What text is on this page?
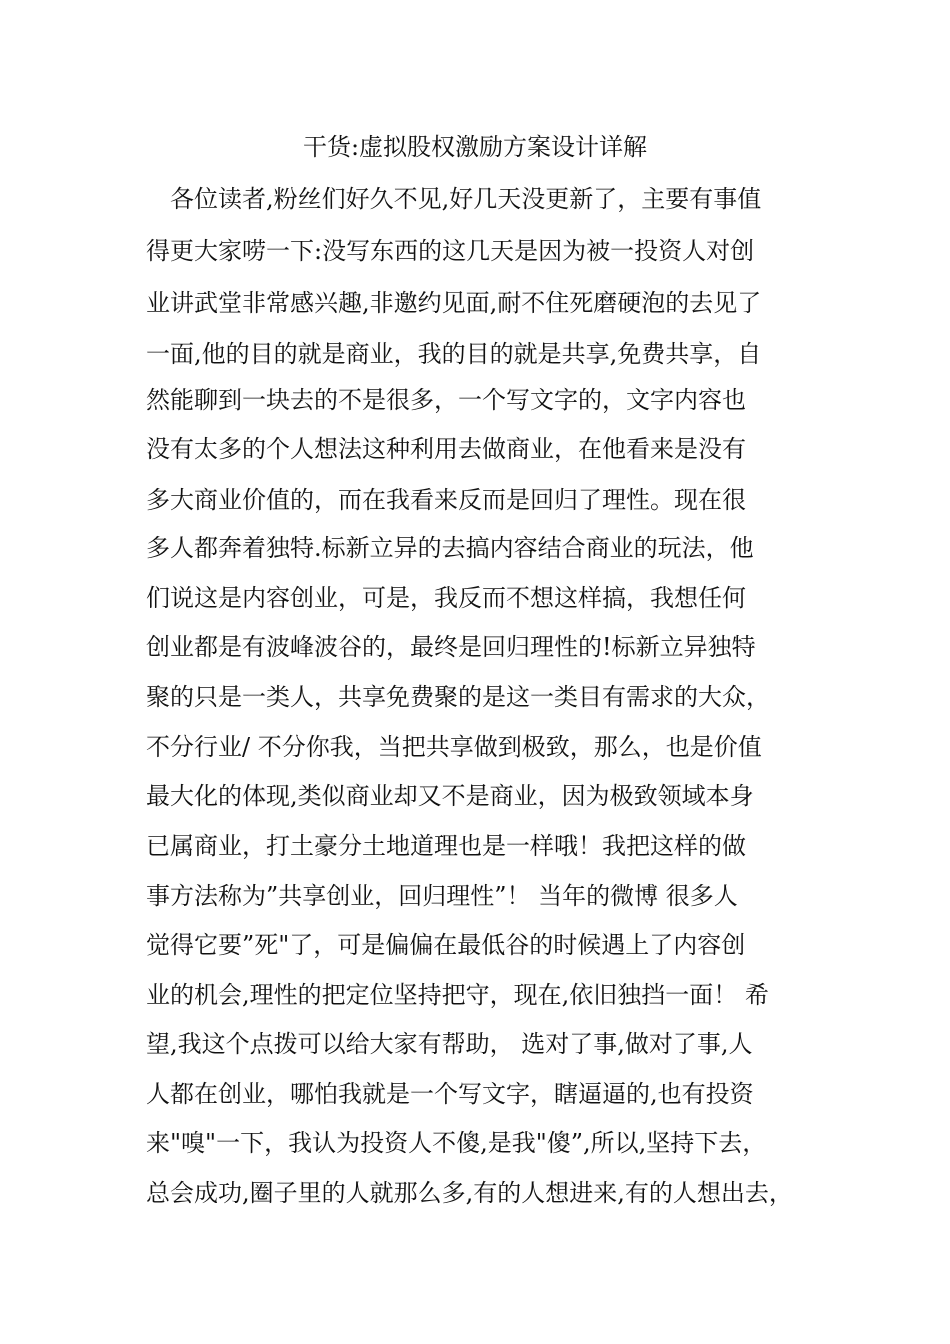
干货:虚拟股权激励方案设计详解
各位读者,粉丝们好久不见,好几天没更新了，主要有事值
得更大家唠一下:没写东西的这几天是因为被一投资人对创
业讲武堂非常感兴趣,非邀约见面,耐不住死磨硬泡的去见了
一面,他的目的就是商业，我的目的就是共享,免费共享，自
然能聊到一块去的不是很多，一个写文字的，文字内容也
没有太多的个人想法这种利用去做商业，在他看来是没有
多大商业价值的，而在我看来反而是回归了理性。现在很
多人都奔着独特.标新立异的去搞内容结合商业的玩法，他
们说这是内容创业，可是，我反而不想这样搞，我想任何
创业都是有波峰波谷的，最终是回归理性的!标新立异独特
聚的只是一类人，共享免费聚的是这一类目有需求的大众，
不分行业/ 不分你我，当把共享做到极致，那么，也是价值
最大化的体现,类似商业却又不是商业，因为极致领域本身
已属商业，打土豪分土地道理也是一样哦！我把这样的做
事方法称为”共享创业，回归理性”！ 当年的微博 很多人
觉得它要”死"了，可是偏偏在最低谷的时候遇上了内容创
业的机会,理性的把定位坚持把守，现在,依旧独挡一面！ 希
望,我这个点拨可以给大家有帮助， 选对了事,做对了事,人
人都在创业，哪怕我就是一个写文字，瞎逼逼的,也有投资
来"嗅"一下，我认为投资人不傻,是我"傻”,所以,坚持下去，
总会成功,圈子里的人就那么多,有的人想进来,有的人想出去，
